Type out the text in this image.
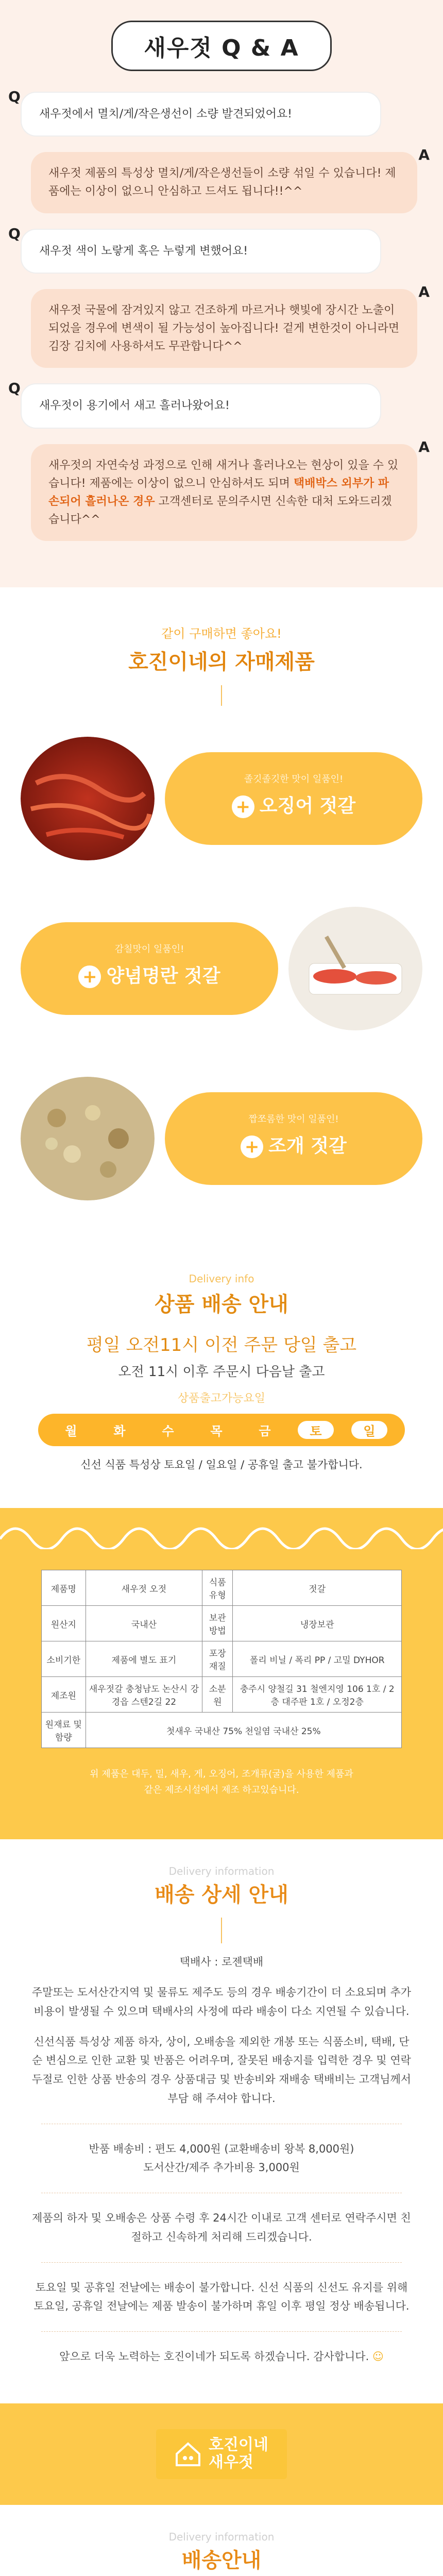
새우젓 Q & A
Q
새우젓에서 멸치/게/작은생선이 소량 발견되었어요!
A
새우젓 제품의 특성상 멸치/게/작은생선들이 소량 섞일 수 있습니다! 제품에는 이상이 없으니 안심하고 드셔도 됩니다!!^^
Q
새우젓 색이 노랗게 혹은 누렇게 변했어요!
A
새우젓 국물에 잠겨있지 않고 건조하게 마르거나 햇빛에 장시간 노출이 되었을 경우에 변색이 될 가능성이 높아집니다! 겉게 변한것이 아니라면 김장 김치에 사용하셔도 무관합니다^^
Q
새우젓이 용기에서 새고 흘러나왔어요!
A
새우젓의 자연숙성 과정으로 인해 새거나 흘러나오는 현상이 있을 수 있습니다! 제품에는 이상이 없으니 안심하셔도 되며 택배박스 외부가 파손되어 흘러나온 경우 고객센터로 문의주시면 신속한 대처 도와드리겠습니다^^
같이 구매하면 좋아요!
호진이네의 자매제품
졸깃졸깃한 맛이 일품인!
+ 오징어 젓갈
감칠맛이 일품인!
+ 양념명란 젓갈
짭쪼롬한 맛이 일품인!
+ 조개 젓갈
Delivery info
상품 배송 안내
평일 오전11시 이전 주문 당일 출고
오전 11시 이후 주문시 다음날 출고
상품출고가능요일
월	화	수	목	금	토	일
신선 식품 특성상 토요일 / 일요일 / 공휴일 출고 불가합니다.
제품명	새우젓 오젓	식품유형	젓갈
원산지	국내산	보관방법	냉장보관
소비기한	제품에 별도 표기	포장재질	폴리 비닐 / 폭리 PP / 고밀 DYHOR
제조원	새우젓갈 충청남도 논산시 강경읍 스텐2길 22	소분원	충주시 양철길 31 철엔지영 106 1호 / 2층 대주판 1호 / 오정2층
원재료 및 함량	첫새우 국내산 75% 천일염 국내산 25%		
위 제품은 대두, 밀, 새우, 게, 오징어, 조개류(굴)을 사용한 제품과
같은 제조시설에서 제조 하고있습니다.
Delivery information
배송 상세 안내
택배사 : 로젠택배
주말또는 도서산간지역 및 물류도 제주도 등의 경우 배송기간이 더 소요되며 추가 비용이 발생될 수 있으며 택배사의 사정에 따라 배송이 다소 지연될 수 있습니다.
신선식품 특성상 제품 하자, 상이, 오배송을 제외한 개봉 또는 식품소비, 택배, 단순 변심으로 인한 교환 및 반품은 어려우며, 잘못된 배송지를 입력한 경우 및 연락 두절로 인한 상품 반송의 경우 상품대금 및 반송비와 재배송 택배비는 고객님께서 부담 해 주셔야 합니다.
반품 배송비 : 편도 4,000원 (교환배송비 왕복 8,000원)
도서산간/제주 추가비용 3,000원
제품의 하자 및 오배송은 상품 수령 후 24시간 이내로 고객 센터로 연락주시면 친절하고 신속하게 처리해 드리겠습니다.
토요일 및 공휴일 전날에는 배송이 불가합니다. 신선 식품의 신선도 유지를 위해 토요일, 공휴일 전날에는 제품 발송이 불가하며 휴일 이후 평일 정상 배송됩니다.
앞으로 더욱 노력하는 호진이네가 되도록 하겠습니다. 감사합니다. ☺
호진이네
새우젓
Delivery information
배송안내
